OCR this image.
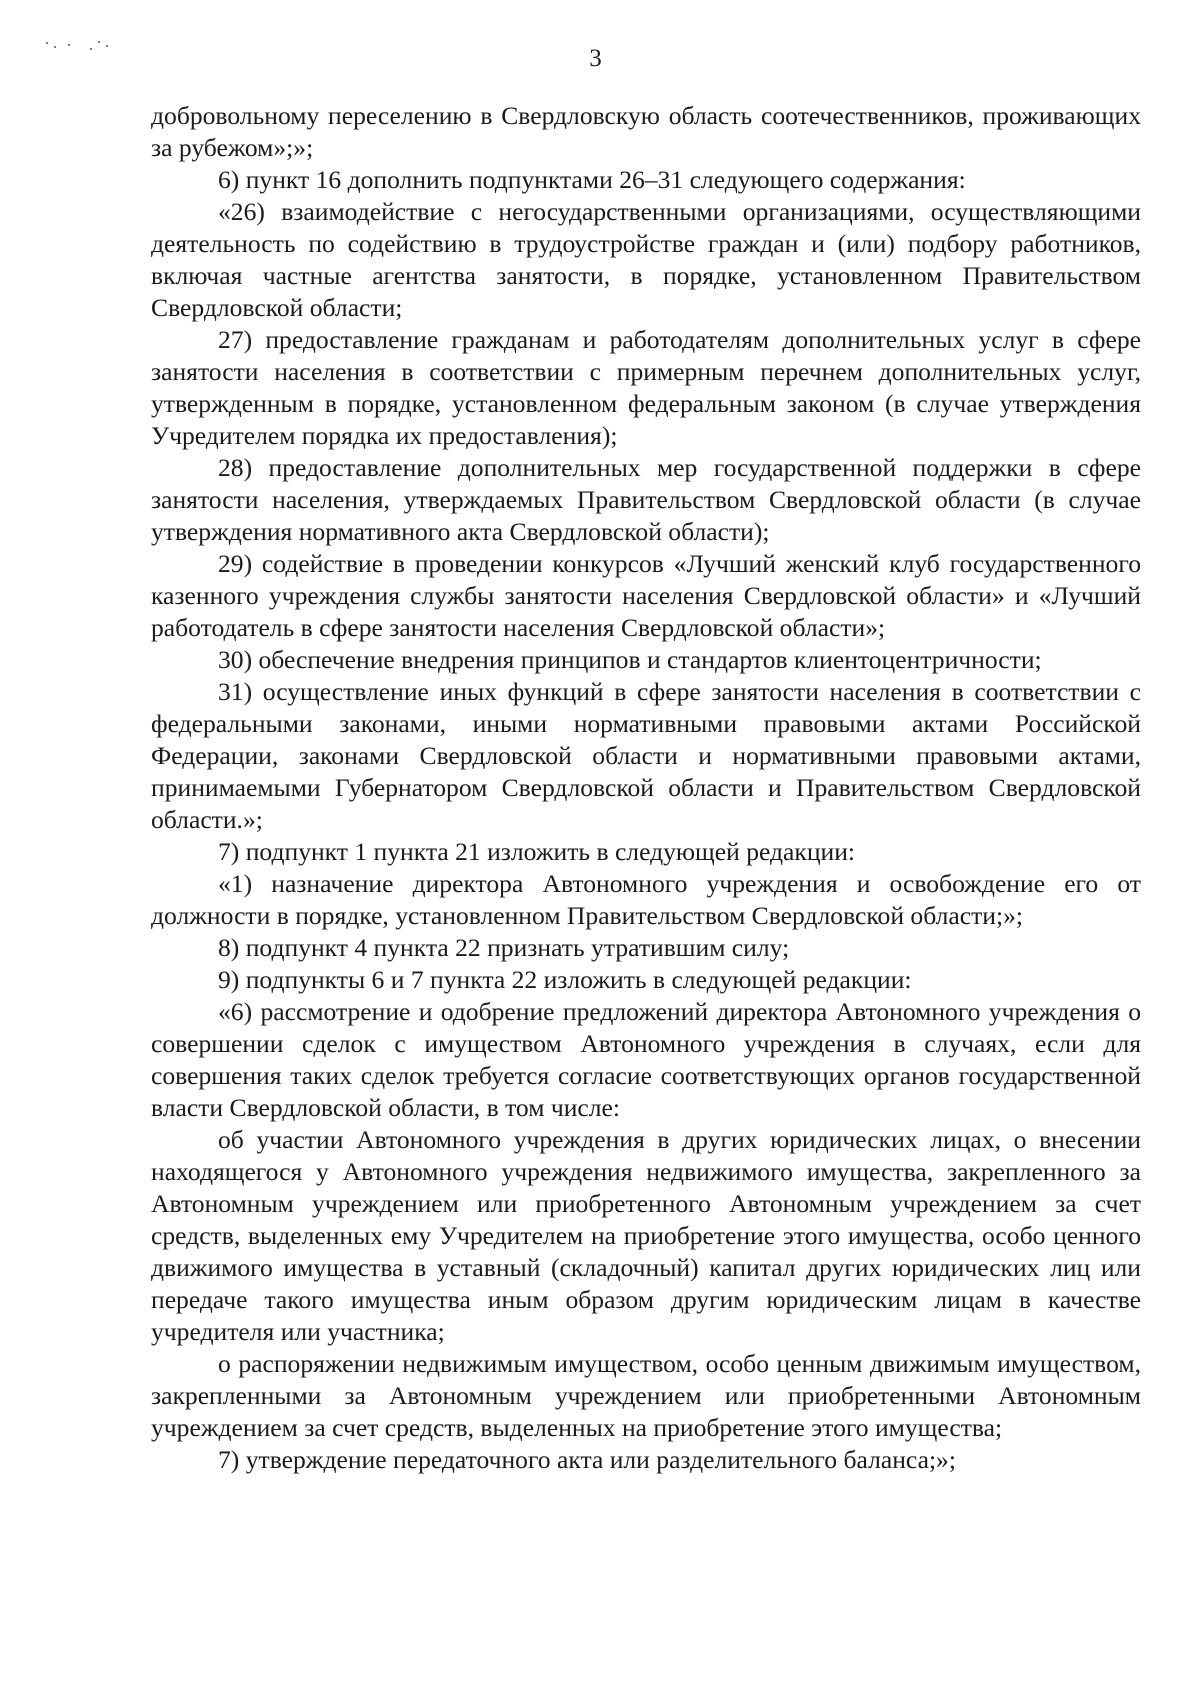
3

добровольному переселению в Свердловскую область соотечественников, проживающих за рубежом»;»;

6) пункт 16 дополнить подпунктами 26–31 следующего содержания:

«26) взаимодействие с негосударственными организациями, осуществляющими деятельность по содействию в трудоустройстве граждан и (или) подбору работников, включая частные агентства занятости, в порядке, установленном Правительством Свердловской области;

27) предоставление гражданам и работодателям дополнительных услуг в сфере занятости населения в соответствии с примерным перечнем дополнительных услуг, утвержденным в порядке, установленном федеральным законом (в случае утверждения Учредителем порядка их предоставления);

28) предоставление дополнительных мер государственной поддержки в сфере занятости населения, утверждаемых Правительством Свердловской области (в случае утверждения нормативного акта Свердловской области);

29) содействие в проведении конкурсов «Лучший женский клуб государственного казенного учреждения службы занятости населения Свердловской области» и «Лучший работодатель в сфере занятости населения Свердловской области»;

30) обеспечение внедрения принципов и стандартов клиентоцентричности;

31) осуществление иных функций в сфере занятости населения в соответствии с федеральными законами, иными нормативными правовыми актами Российской Федерации, законами Свердловской области и нормативными правовыми актами, принимаемыми Губернатором Свердловской области и Правительством Свердловской области.»;

7) подпункт 1 пункта 21 изложить в следующей редакции:

«1) назначение директора Автономного учреждения и освобождение его от должности в порядке, установленном Правительством Свердловской области;»;

8) подпункт 4 пункта 22 признать утратившим силу;

9) подпункты 6 и 7 пункта 22 изложить в следующей редакции:

«6) рассмотрение и одобрение предложений директора Автономного учреждения о совершении сделок с имуществом Автономного учреждения в случаях, если для совершения таких сделок требуется согласие соответствующих органов государственной власти Свердловской области, в том числе:

об участии Автономного учреждения в других юридических лицах, о внесении находящегося у Автономного учреждения недвижимого имущества, закрепленного за Автономным учреждением или приобретенного Автономным учреждением за счет средств, выделенных ему Учредителем на приобретение этого имущества, особо ценного движимого имущества в уставный (складочный) капитал других юридических лиц или передаче такого имущества иным образом другим юридическим лицам в качестве учредителя или участника;

о распоряжении недвижимым имуществом, особо ценным движимым имуществом, закрепленными за Автономным учреждением или приобретенными Автономным учреждением за счет средств, выделенных на приобретение этого имущества;

7) утверждение передаточного акта или разделительного баланса;»;
